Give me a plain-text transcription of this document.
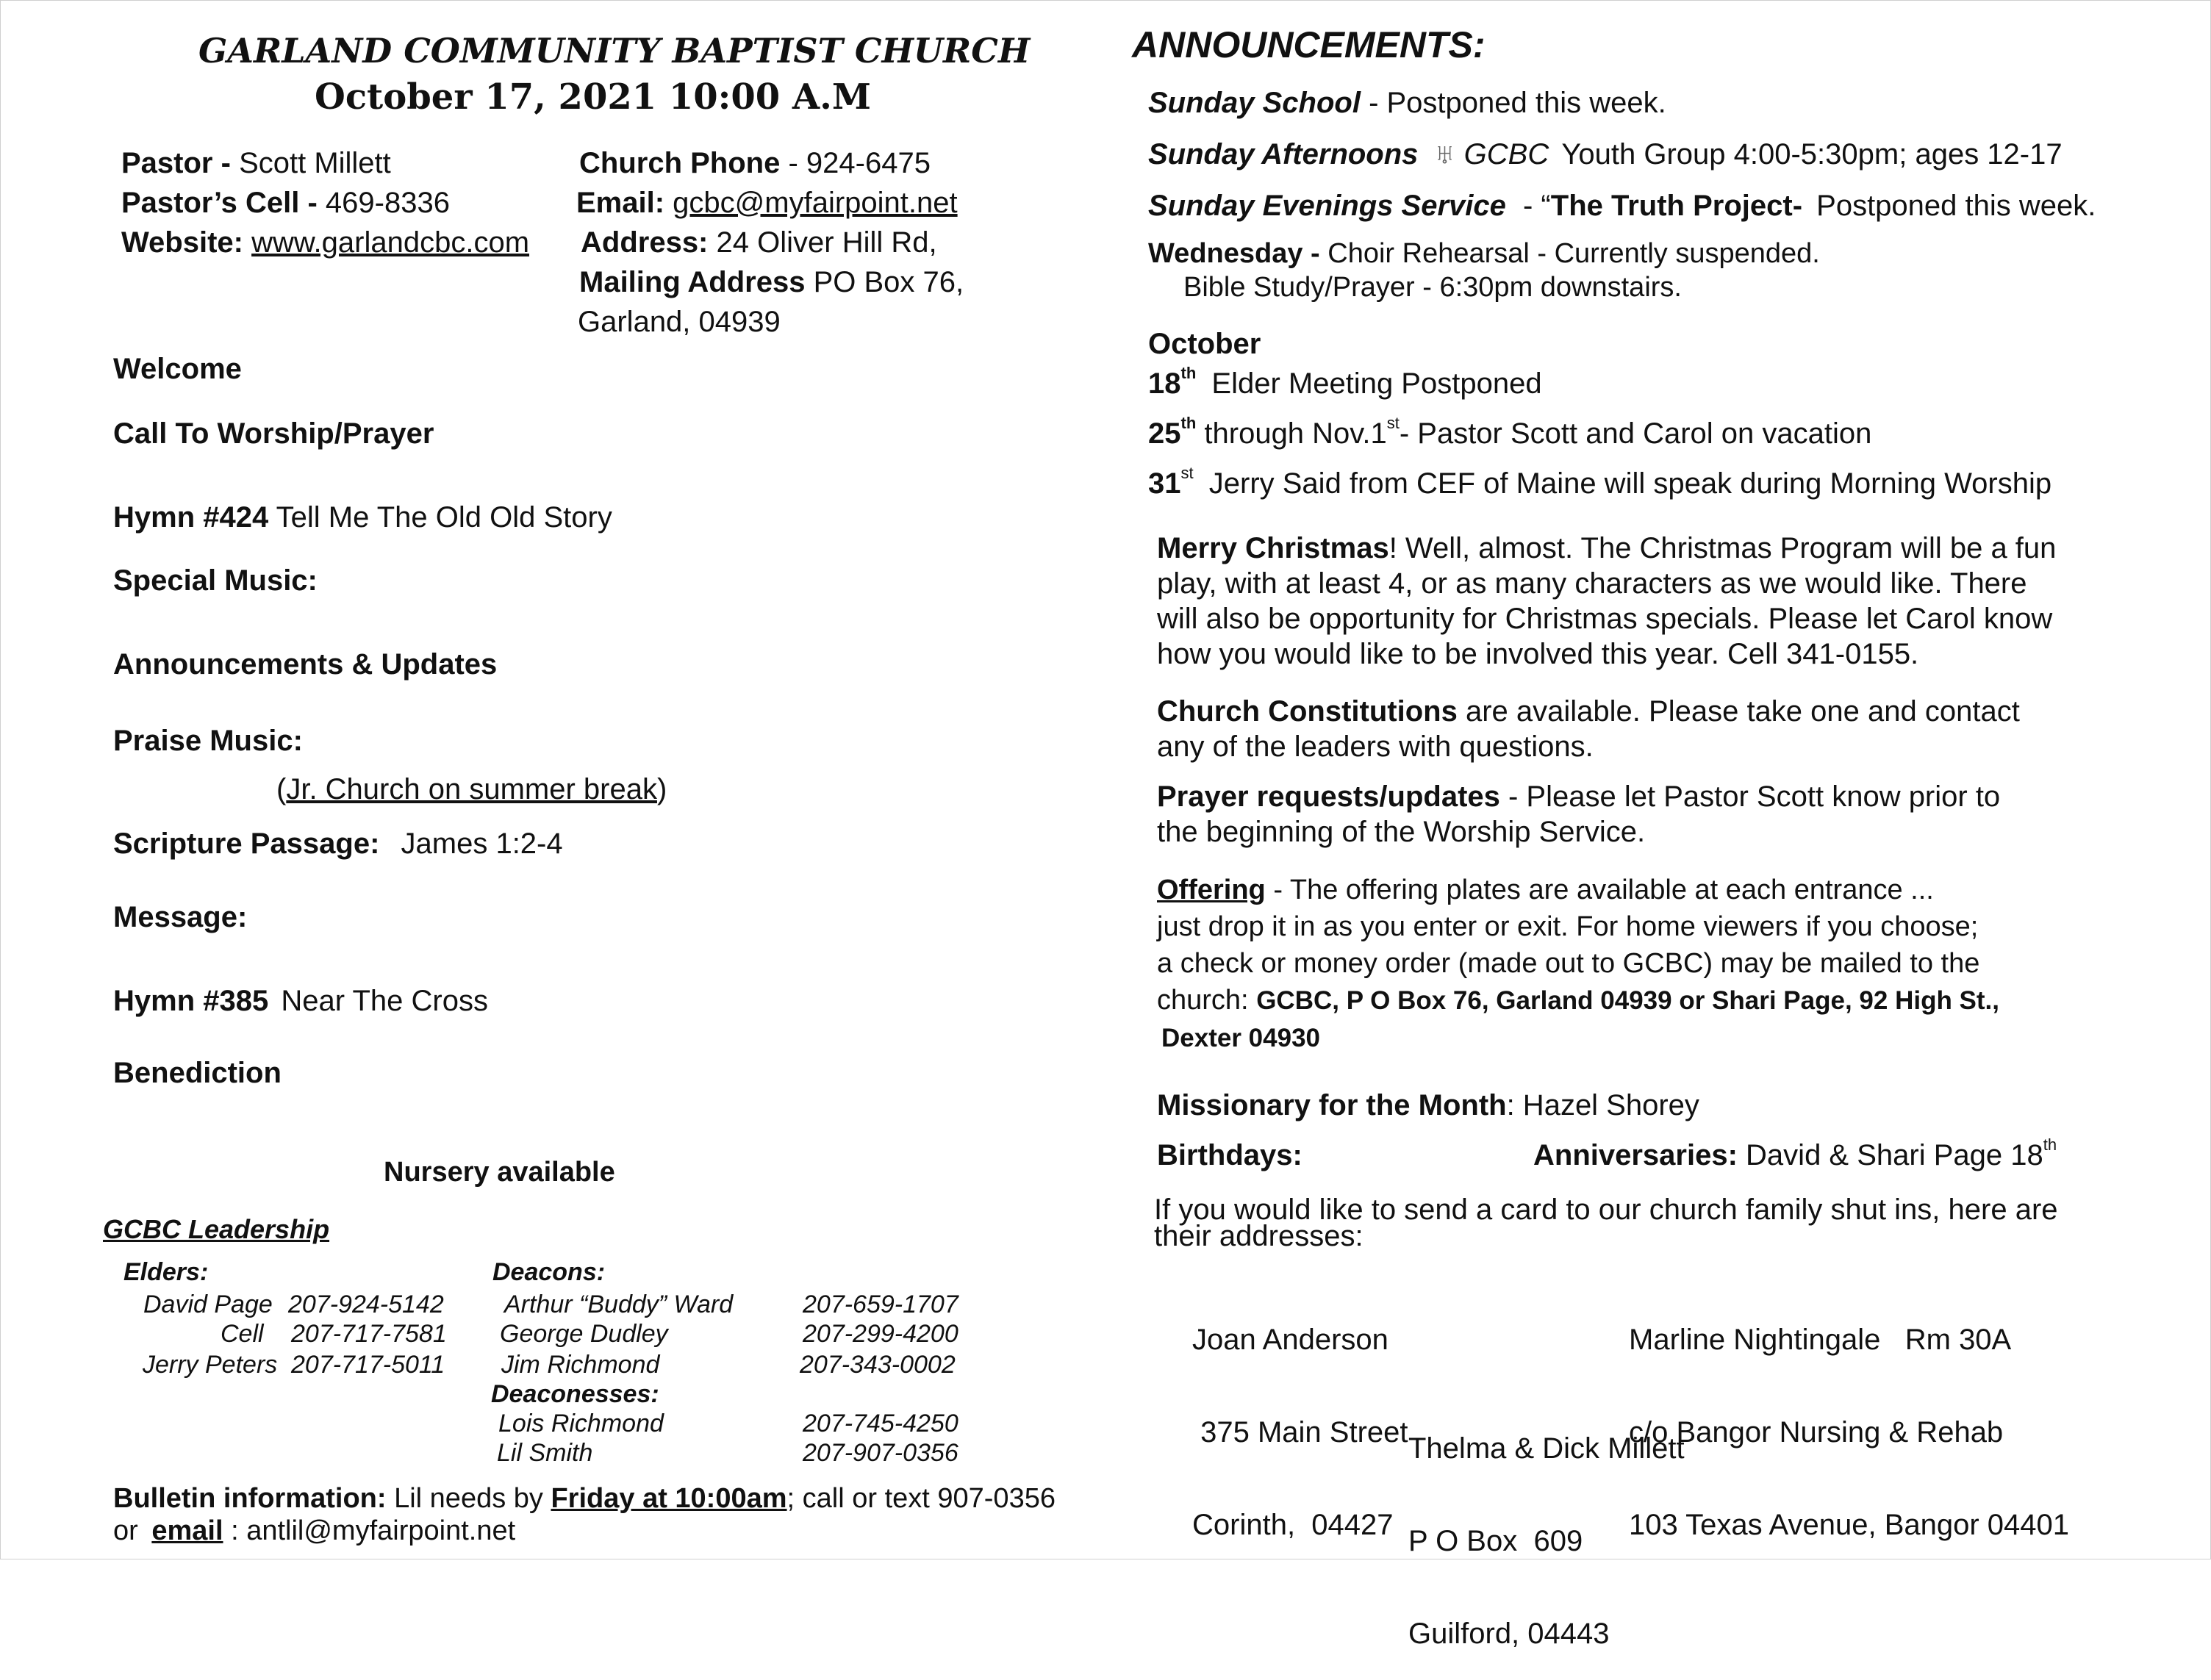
GARLAND COMMUNITY BAPTIST CHURCH
October 17, 2021 10:00 A.M
Pastor - Scott Millett
Pastor’s Cell - 469-8336
Website: www.garlandcbc.com
Church Phone - 924-6475
Email: gcbc@myfairpoint.net
Address: 24 Oliver Hill Rd,
Mailing Address PO Box 76,
Garland, 04939
Welcome
Call To Worship/Prayer
Hymn #424 Tell Me The Old Old Story
Special Music:
Announcements & Updates
Praise Music:
(Jr. Church on summer break)
Scripture Passage: James 1:2-4
Message:
Hymn #385 Near The Cross
Benediction
Nursery available
GCBC Leadership
Elders:
David Page 207-924-5142
Cell 207-717-7581
Jerry Peters 207-717-5011
Deacons:
Arthur “Buddy” Ward	207-659-1707
George Dudley	207-299-4200
Jim Richmond	207-343-0002
Deaconesses:
Lois Richmond	207-745-4250
Lil Smith	207-907-0356
Bulletin information: Lil needs by Friday at 10:00am; call or text 907-0356
or email : antlil@myfairpoint.net
ANNOUNCEMENTS:
Sunday School - Postponed this week.
Sunday Afternoons ♅ GCBC Youth Group 4:00-5:30pm; ages 12-17
Sunday Evenings Service - “The Truth Project- Postponed this week.
Wednesday - Choir Rehearsal - Currently suspended.
Bible Study/Prayer - 6:30pm downstairs.
October
18th Elder Meeting Postponed
25th through Nov.1st- Pastor Scott and Carol on vacation
31st Jerry Said from CEF of Maine will speak during Morning Worship
Merry Christmas! Well, almost. The Christmas Program will be a fun
play, with at least 4, or as many characters as we would like. There
will also be opportunity for Christmas specials. Please let Carol know
how you would like to be involved this year. Cell 341-0155.
Church Constitutions are available. Please take one and contact
any of the leaders with questions.
Prayer requests/updates - Please let Pastor Scott know prior to
the beginning of the Worship Service.
Offering - The offering plates are available at each entrance ...
just drop it in as you enter or exit. For home viewers if you choose;
a check or money order (made out to GCBC) may be mailed to the
church: GCBC, P O Box 76, Garland 04939 or Shari Page, 92 High St.,
Dexter 04930
Missionary for the Month: Hazel Shorey
Birthdays:	Anniversaries: David & Shari Page 18th
If you would like to send a card to our church family shut ins, here are
their addresses:

Joan Anderson

375 Main Street

Corinth,  04427

Marline Nightingale   Rm 30A

c/o Bangor Nursing & Rehab

103 Texas Avenue, Bangor 04401

Thelma & Dick Millett

P O Box  609

Guilford, 04443
